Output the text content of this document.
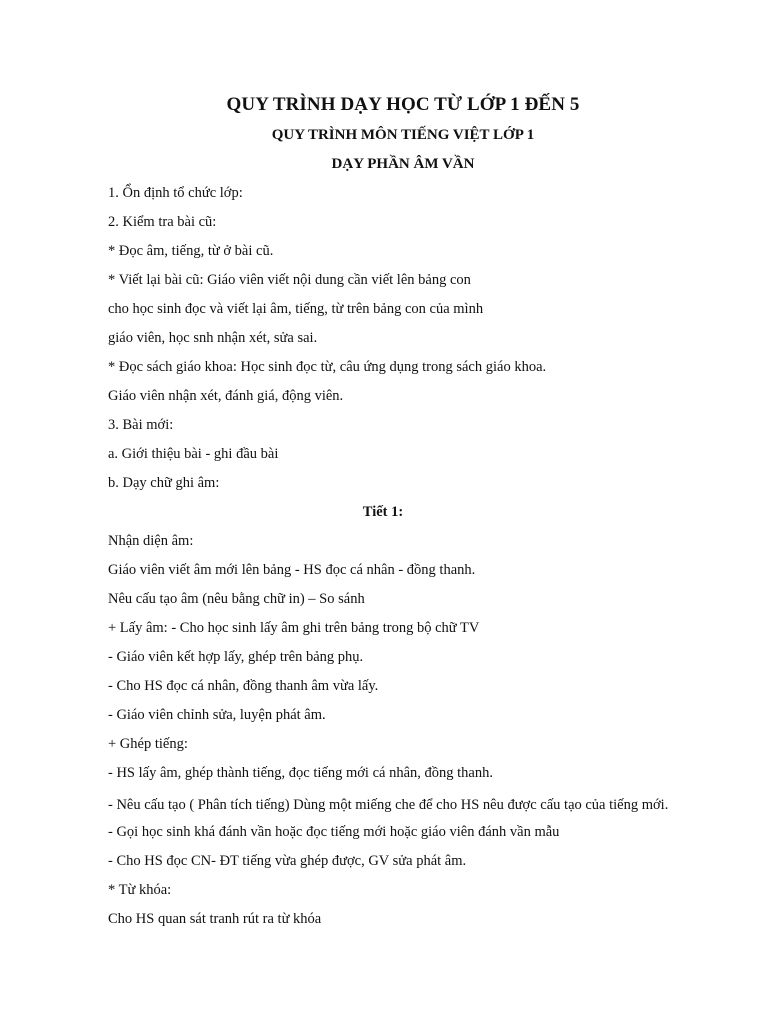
QUY TRÌNH DẠY HỌC TỪ LỚP 1 ĐẾN 5
QUY TRÌNH MÔN TIẾNG VIỆT LỚP 1
DẠY PHẦN ÂM VẦN
1. Ổn định tổ chức lớp:
2. Kiểm tra bài cũ:
* Đọc âm, tiếng, từ ở bài cũ.
* Viết lại bài cũ: Giáo viên viết nội dung cần viết lên bảng con
cho học sinh đọc và viết lại âm, tiếng, từ trên bảng con của mình
giáo viên, học snh nhận xét, sửa sai.
* Đọc sách giáo khoa: Học sinh đọc từ, câu ứng dụng trong sách giáo khoa.
Giáo viên nhận xét, đánh giá, động viên.
3. Bài mới:
a. Giới thiệu bài - ghi đầu bài
b. Dạy chữ ghi âm:
Tiết 1:
Nhận diện âm:
Giáo viên viết âm mới lên bảng - HS đọc cá nhân - đồng thanh.
Nêu cấu tạo âm (nêu bằng chữ in) – So sánh
+ Lấy âm: - Cho học sinh lấy âm ghi trên bảng trong bộ chữ TV
- Giáo viên kết hợp lấy, ghép trên bảng phụ.
- Cho HS đọc cá nhân, đồng thanh âm vừa lấy.
- Giáo viên chỉnh sửa, luyện phát âm.
+ Ghép tiếng:
- HS lấy âm, ghép thành tiếng, đọc tiếng mới cá nhân, đồng thanh.
- Nêu cấu tạo ( Phân tích tiếng) Dùng một miếng che để cho HS nêu được cấu tạo của tiếng mới.
- Gọi học sinh khá đánh vần hoặc đọc tiếng mới hoặc giáo viên đánh vần mẫu
- Cho HS đọc CN- ĐT tiếng vừa ghép được, GV sửa phát âm.
* Từ khóa:
Cho HS quan sát tranh rút ra từ khóa
